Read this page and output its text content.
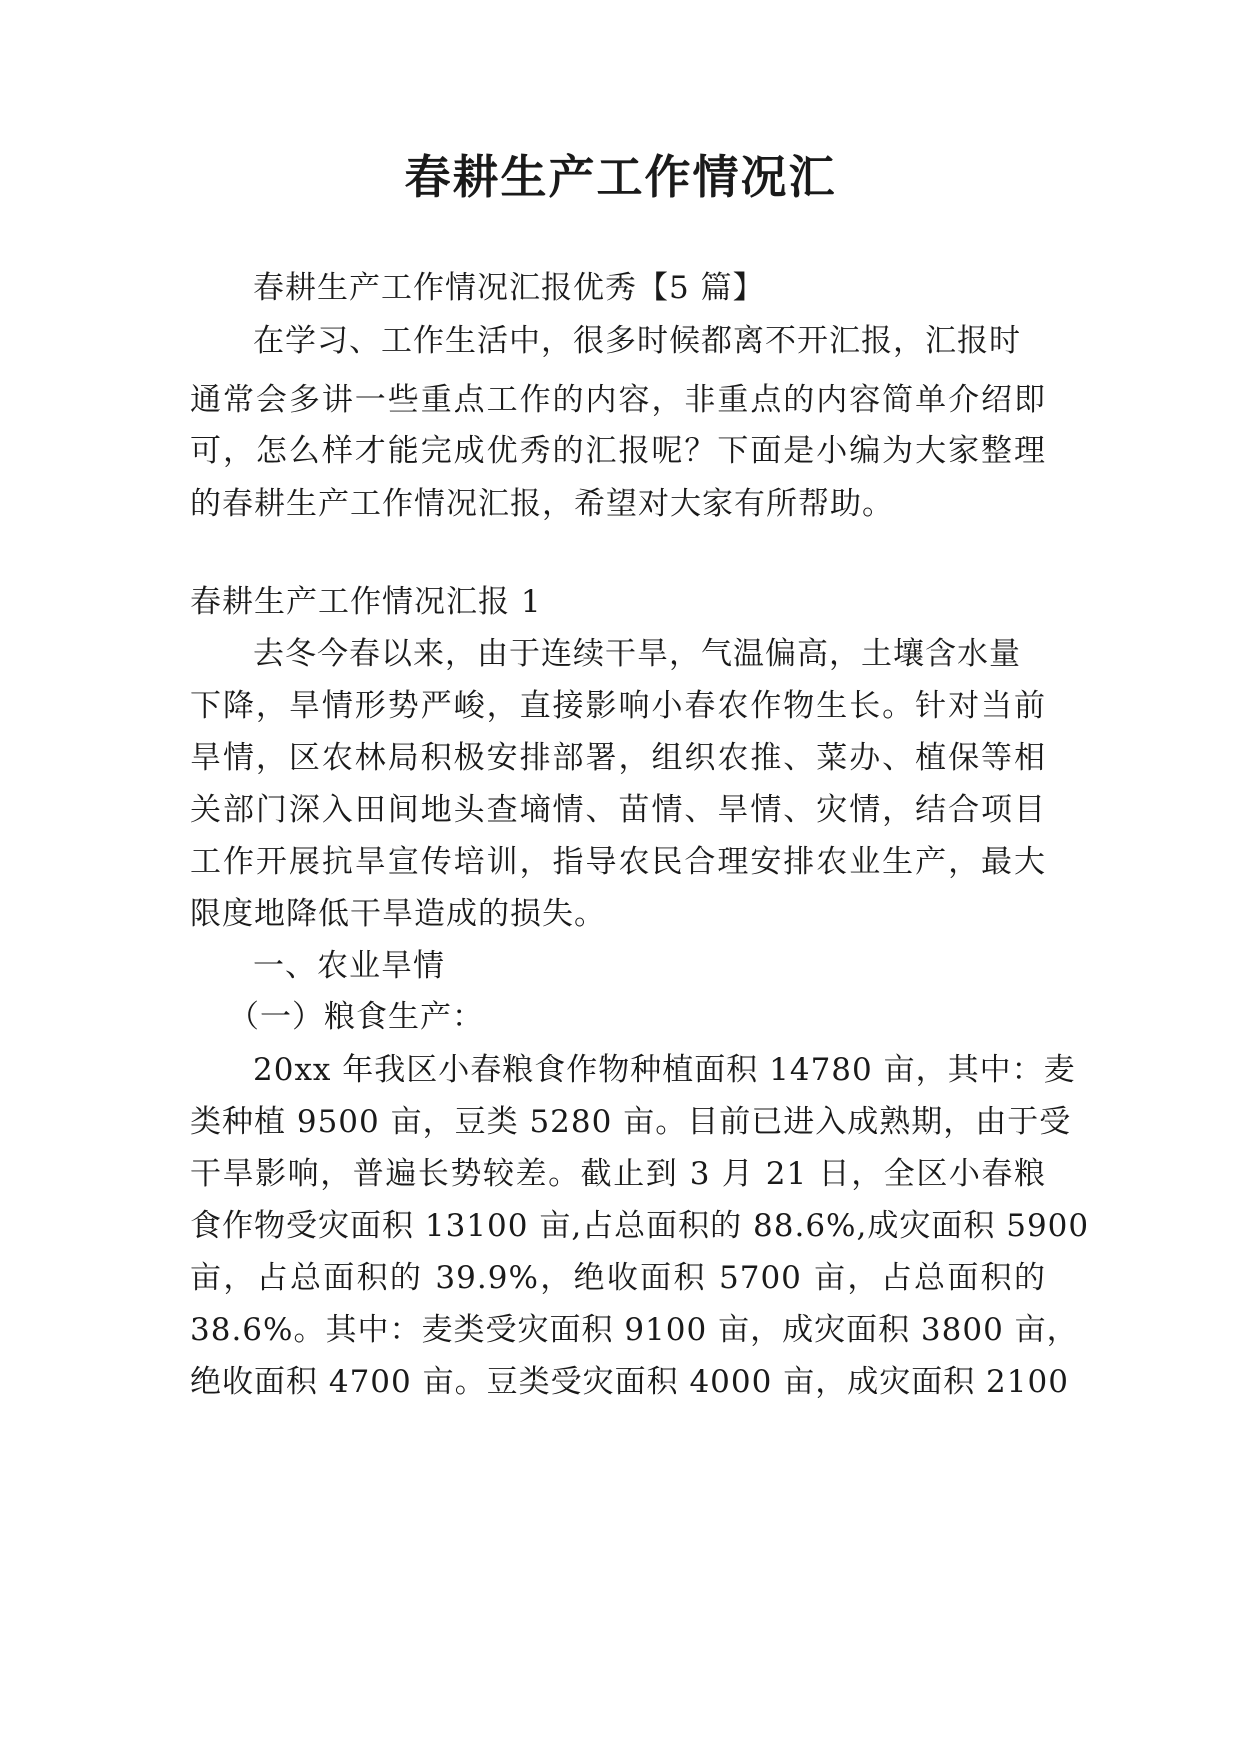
春耕生产工作情况汇
春耕生产工作情况汇报优秀【5 篇】
在学习、工作生活中，很多时候都离不开汇报，汇报时
通常会多讲一些重点工作的内容，非重点的内容简单介绍即
可，怎么样才能完成优秀的汇报呢？下面是小编为大家整理
的春耕生产工作情况汇报，希望对大家有所帮助。
春耕生产工作情况汇报 1
去冬今春以来，由于连续干旱，气温偏高，土壤含水量
下降，旱情形势严峻，直接影响小春农作物生长。针对当前
旱情，区农林局积极安排部署，组织农推、菜办、植保等相
关部门深入田间地头查墒情、苗情、旱情、灾情，结合项目
工作开展抗旱宣传培训，指导农民合理安排农业生产，最大
限度地降低干旱造成的损失。
一、农业旱情
（一）粮食生产：
20xx 年我区小春粮食作物种植面积 14780 亩，其中：麦
类种植 9500 亩，豆类 5280 亩。目前已进入成熟期，由于受
干旱影响，普遍长势较差。截止到 3 月 21 日，全区小春粮
食作物受灾面积 13100 亩,占总面积的 88.6%,成灾面积 5900
亩，占总面积的 39.9%，绝收面积 5700 亩，占总面积的
38.6%。其中：麦类受灾面积 9100 亩，成灾面积 3800 亩，
绝收面积 4700 亩。豆类受灾面积 4000 亩，成灾面积 2100
